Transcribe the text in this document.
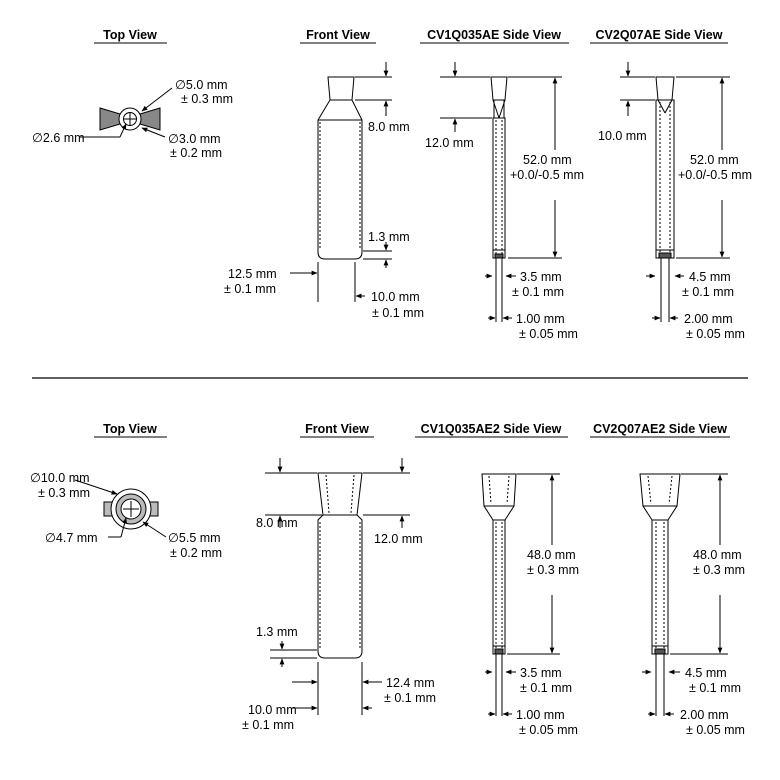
Top View	Front View	CV1Q035AE Side View	CV2Q07AE Side View
∅5.0 mm
± 0.3 mm
∅2.6 mm	∅3.0 mm
± 0.2 mm
8.0 mm
1.3 mm
12.5 mm
± 0.1 mm
10.0 mm
± 0.1 mm
12.0 mm
52.0 mm
+0.0/-0.5 mm
3.5 mm
± 0.1 mm
1.00 mm
± 0.05 mm
10.0 mm
52.0 mm
+0.0/-0.5 mm
4.5 mm
± 0.1 mm
2.00 mm
± 0.05 mm
Top View	Front View	CV1Q035AE2 Side View	CV2Q07AE2 Side View
∅10.0 mm
± 0.3 mm
∅4.7 mm	∅5.5 mm
± 0.2 mm
8.0 mm
12.0 mm
1.3 mm
12.4 mm
± 0.1 mm
10.0 mm
± 0.1 mm
48.0 mm
± 0.3 mm
3.5 mm
± 0.1 mm
1.00 mm
± 0.05 mm
48.0 mm
± 0.3 mm
4.5 mm
± 0.1 mm
2.00 mm
± 0.05 mm
